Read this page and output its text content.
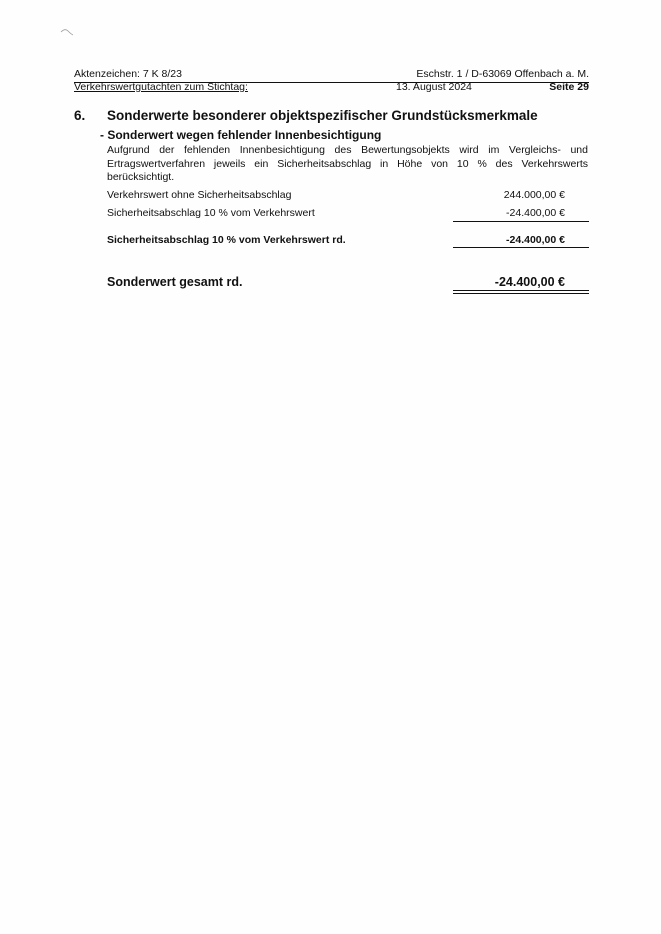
Aktenzeichen: 7 K 8/23	Eschstr. 1 / D-63069 Offenbach a. M.
Verkehrswertgutachten zum Stichtag:	13. August 2024	Seite 29
6. Sonderwerte besonderer objektspezifischer Grundstücksmerkmale
- Sonderwert wegen fehlender Innenbesichtigung
Aufgrund der fehlenden Innenbesichtigung des Bewertungsobjekts wird im Vergleichs- und
Ertragswertverfahren jeweils ein Sicherheitsabschlag in Höhe von 10 % des Verkehrswerts
berücksichtigt.
Verkehrswert ohne Sicherheitsabschlag	244.000,00 €
Sicherheitsabschlag 10 % vom Verkehrswert	-24.400,00 €
Sicherheitsabschlag 10 % vom Verkehrswert rd.	-24.400,00 €
Sonderwert gesamt rd.	-24.400,00 €
